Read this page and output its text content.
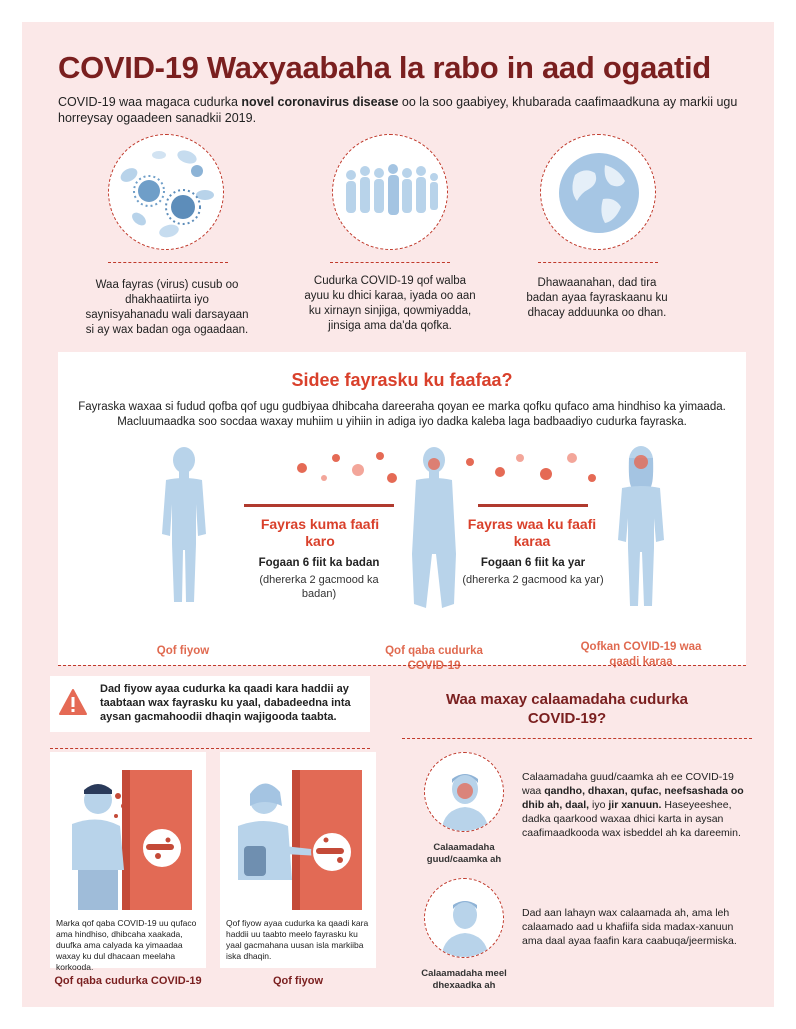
COVID-19 Waxyaabaha la rabo in aad ogaatid
COVID-19 waa magaca cudurka novel coronavirus disease oo la soo gaabiyey, khubarada caafimaadkuna ay markii ugu horreysay ogaadeen sanadkii 2019.
Waa fayras (virus) cusub oo dhakhaatiirta iyo saynisyahanadu wali darsayaan si ay wax badan oga ogaadaan.
Cudurka COVID-19 qof walba ayuu ku dhici karaa, iyada oo aan ku xirnayn sinjiga, qowmiyadda, jinsiga ama da'da qofka.
Dhawaanahan, dad tira badan ayaa fayraskaanu ku dhacay adduunka oo dhan.
Sidee fayrasku ku faafaa?
Fayraska waxaa si fudud qofba qof ugu gudbiyaa dhibcaha dareeraha qoyan ee marka qofku qufaco ama hindhiso ka yimaada. Macluumaadka soo socdaa waxay muhiim u yihiin in adiga iyo dadka kaleba laga badbaadiyo cudurka fayraska.
Qof fiyow
Fayras kuma faafi karo
Fogaan 6 fiit ka badan
(dhererka 2 gacmood ka badan)
Qof qaba cudurka COVID-19
Fayras waa ku faafi karaa
Fogaan 6 fiit ka yar
(dhererka 2 gacmood ka yar)
Qofkan COVID-19 waa qaadi karaa
Dad fiyow ayaa cudurka ka qaadi kara haddii ay taabtaan wax fayrasku ku yaal, dabadeedna inta aysan gacmahoodii dhaqin wajigooda taabta.
Marka qof qaba COVID-19 uu qufaco ama hindhiso, dhibcaha xaakada, duufka ama calyada ka yimaadaa waxay ku dul dhacaan meelaha korkooda.
Qof qaba cudurka COVID-19
Qof fiyow ayaa cudurka ka qaadi kara haddii uu taabto meelo fayrasku ku yaal gacmahana uusan isla markiiba iska dhaqin.
Qof fiyow
Waa maxay calaamadaha cudurka COVID-19?
Calaamadaha guud/caamka ah
Calaamadaha guud/caamka ah ee COVID-19 waa qandho, dhaxan, qufac, neefsashada oo dhib ah, daal, iyo jir xanuun. Haseyeeshee, dadka qaarkood waxaa dhici karta in aysan caafimaadkooda wax isbeddel ah ka dareemin.
Calaamadaha meel dhexaadka ah
Dad aan lahayn wax calaamada ah, ama leh calaamado aad u khafiifa sida madax-xanuun ama daal ayaa faafin kara caabuqa/jeermiska.
